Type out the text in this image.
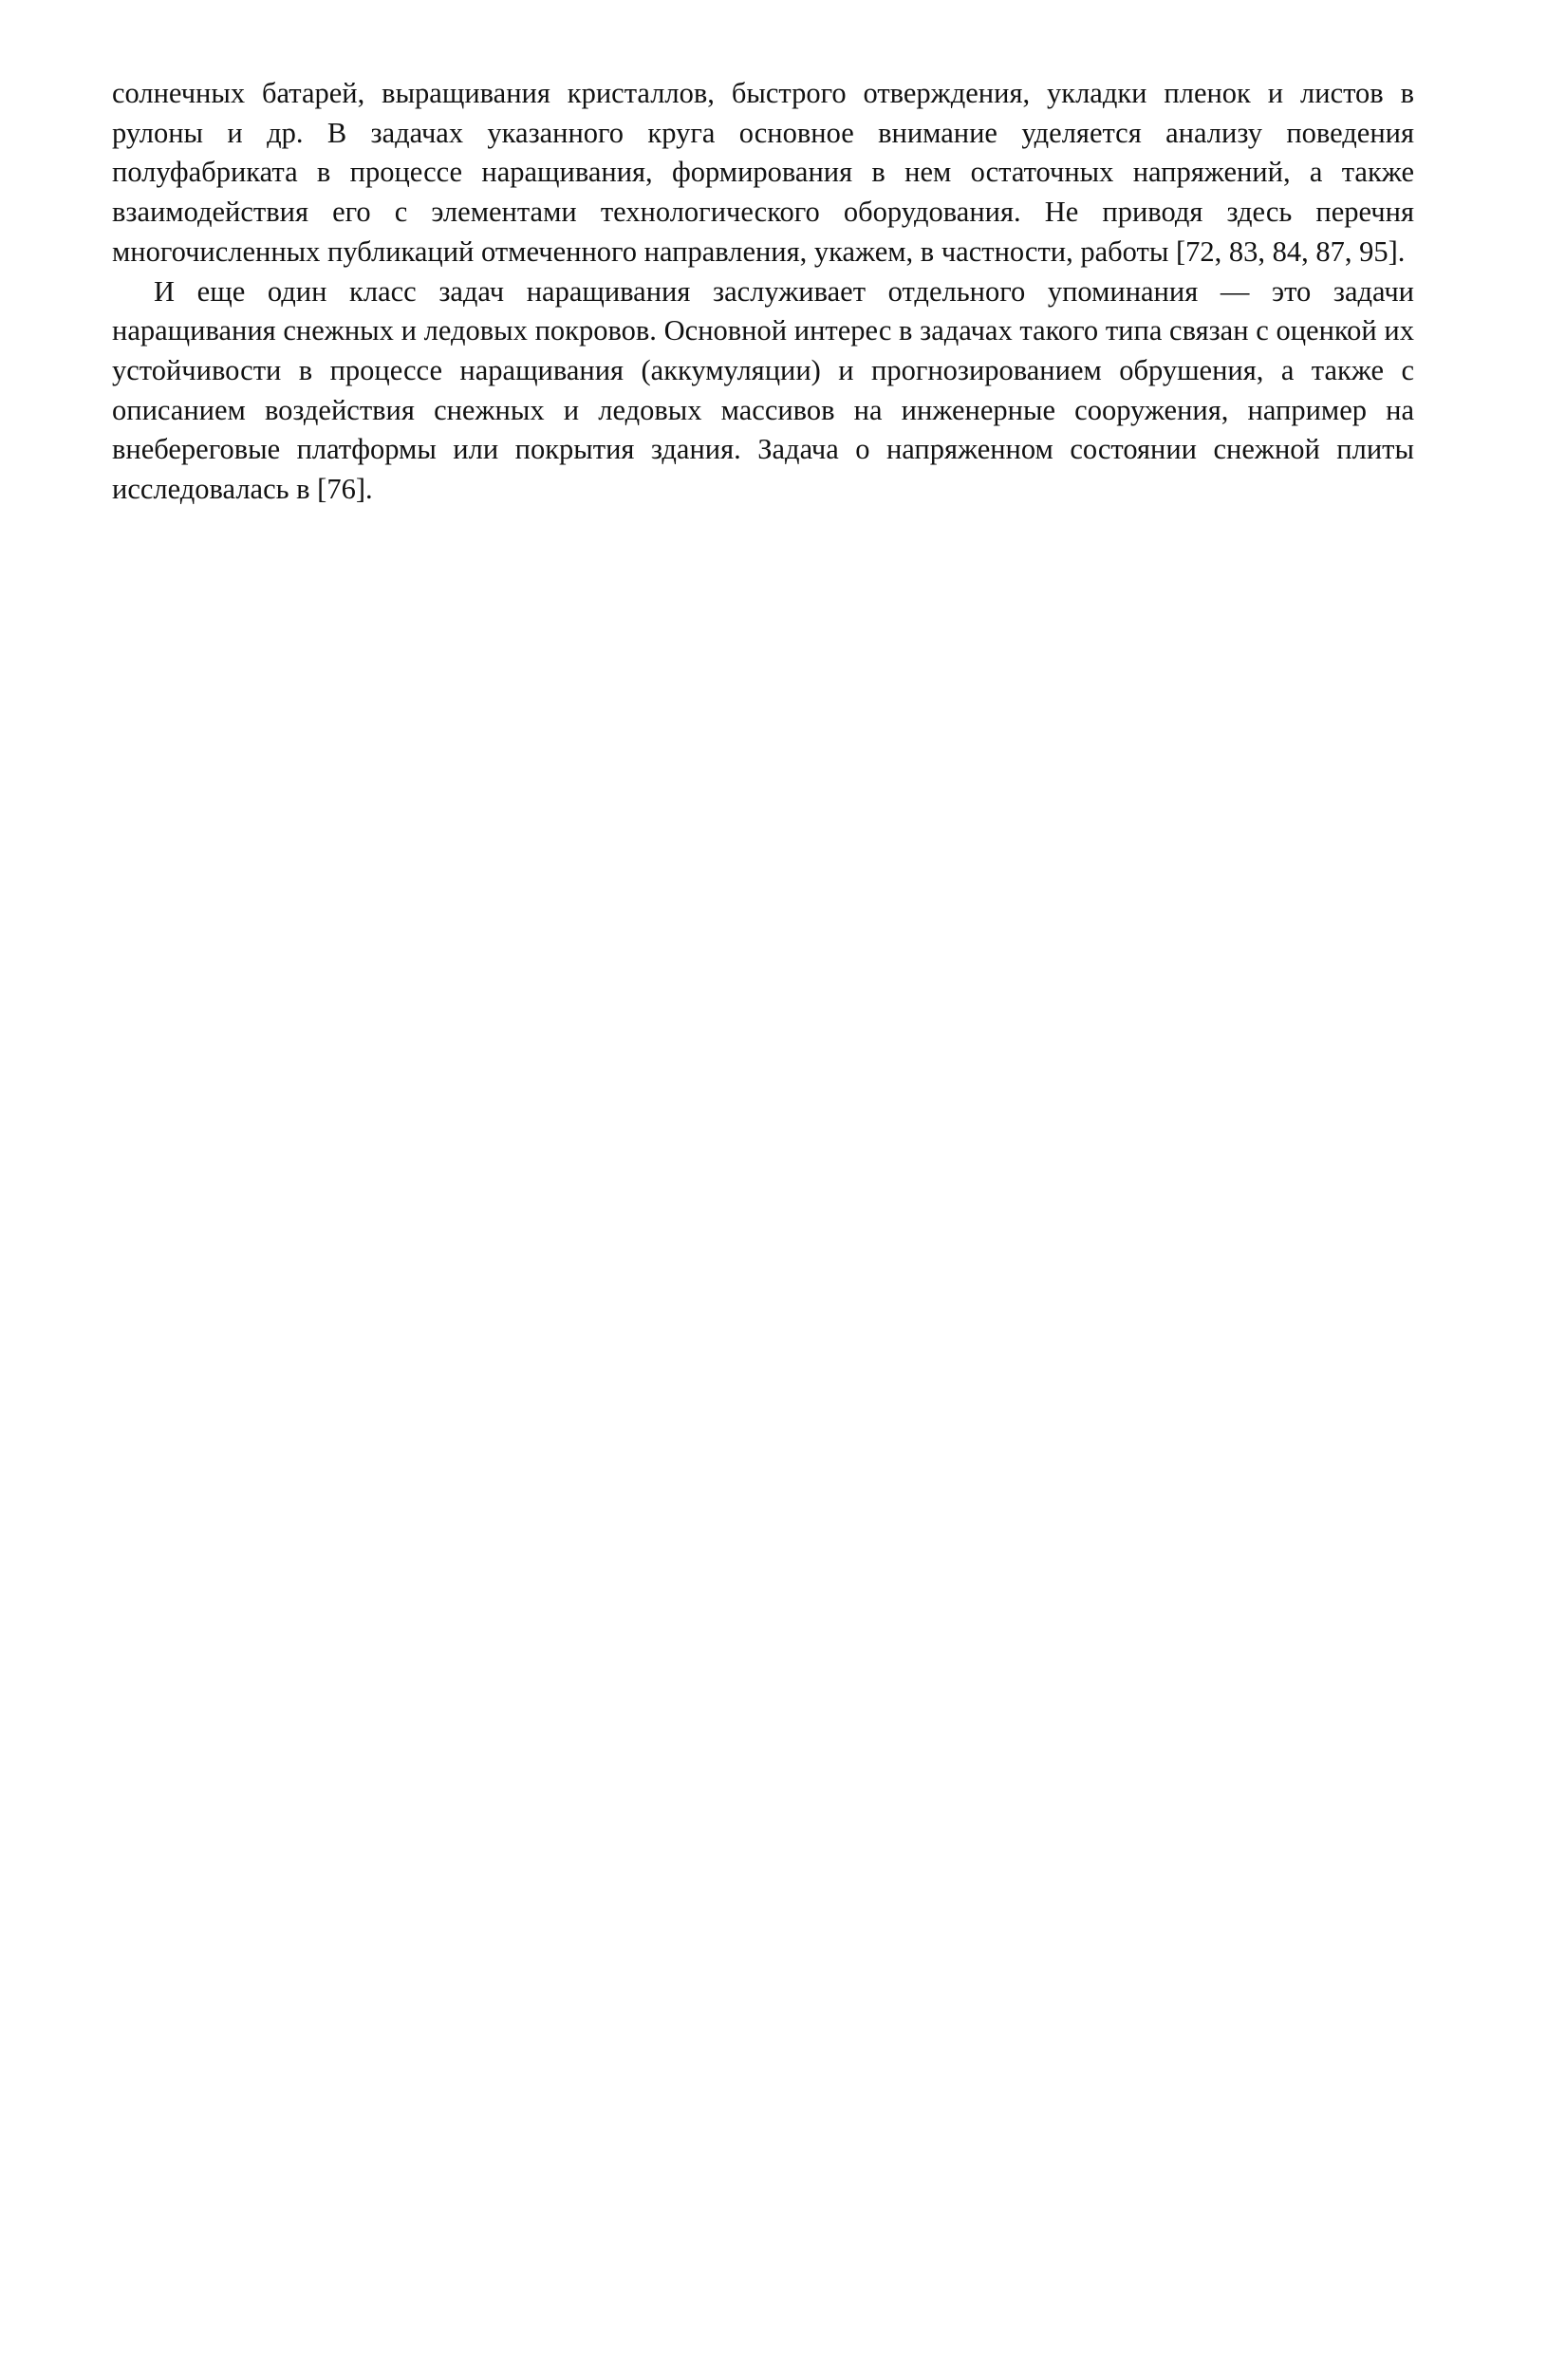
солнечных батарей, выращивания кристаллов, быстрого отверждения, укладки пленок и листов в рулоны и др. В задачах указанного круга основное внимание уделяется анализу поведения полуфабриката в процессе наращивания, формирования в нем остаточных напряжений, а также взаимодействия его с элементами технологического оборудования. Не приводя здесь перечня многочисленных публикаций отмеченного направления, укажем, в частности, работы [72, 83, 84, 87, 95].

И еще один класс задач наращивания заслуживает отдельного упоминания — это задачи наращивания снежных и ледовых покровов. Основной интерес в задачах такого типа связан с оценкой их устойчивости в процессе наращивания (аккумуляции) и прогнозированием обрушения, а также с описанием воздействия снежных и ледовых массивов на инженерные сооружения, например на внебереговые платформы или покрытия здания. Задача о напряженном состоянии снежной плиты исследовалась в [76].
